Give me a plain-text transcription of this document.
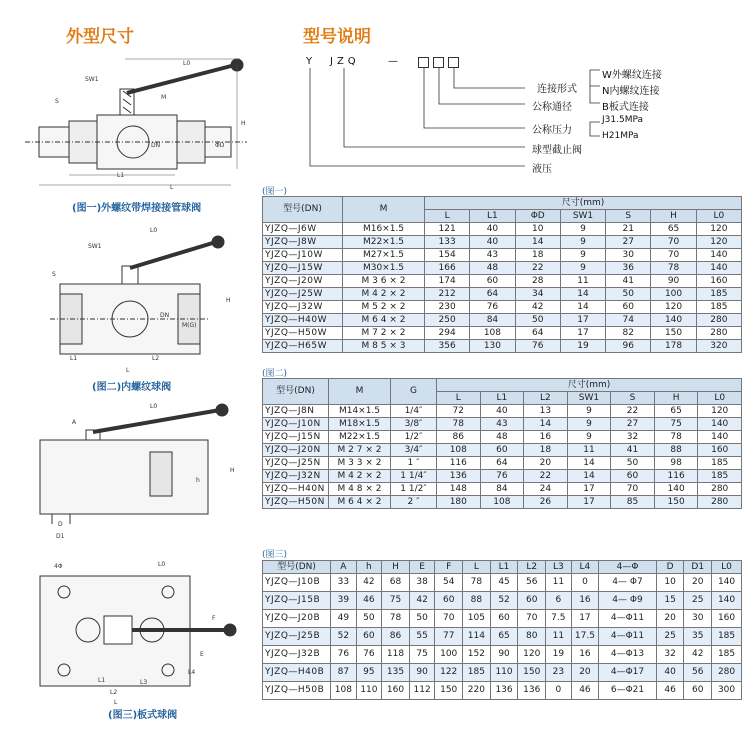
外型尺寸	型号说明
Y JZQ	—
连接形式
W外螺纹连接
N内螺纹连接
B板式连接
公称通径
公称压力
J31.5MPa
H21MPa
球型截止阀
液压
SW1
S
L0
M
DN	ΦD
H
L1
L
(图一)外螺纹带焊接接管球阀
SW1
S
L0
H
DN
M(G)
L1	L2
L
(图二)内螺纹球阀
A
L0
H
h
D
D1
4Φ	L0
F
E
L4
L3
L1
L2
L
(图三)板式球阀
(图一)
(图二)
(图三)
型号(DN)	M	尺寸(mm)						
		L	L1	ΦD	SW1	S	H	L0
YJZQ—J6W	M16×1.5	121	40	10	9	21	65	120
YJZQ—J8W	M22×1.5	133	40	14	9	27	70	120
YJZQ—J10W	M27×1.5	154	43	18	9	30	70	140
YJZQ—J15W	M30×1.5	166	48	22	9	36	78	140
YJZQ—J20W	M 3 6 × 2	174	60	28	11	41	90	160
YJZQ—J25W	M 4 2 × 2	212	64	34	14	50	100	185
YJZQ—J32W	M 5 2 × 2	230	76	42	14	60	120	185
YJZQ—H40W	M 6 4 × 2	250	84	50	17	74	140	280
YJZQ—H50W	M 7 2 × 2	294	108	64	17	82	150	280
YJZQ—H65W	M 8 5 × 3	356	130	76	19	96	178	320
型号(DN)	M	G	尺寸(mm)						
			L	L1	L2	SW1	S	H	L0
YJZQ—J8N	M14×1.5	1/4″	72	40	13	9	22	65	120
YJZQ—J10N	M18×1.5	3/8″	78	43	14	9	27	75	140
YJZQ—J15N	M22×1.5	1/2″	86	48	16	9	32	78	140
YJZQ—J20N	M 2 7 × 2	3/4″	108	60	18	11	41	88	160
YJZQ—J25N	M 3 3 × 2	1 ″	116	64	20	14	50	98	185
YJZQ—J32N	M 4 2 × 2	1 1/4″	136	76	22	14	60	116	185
YJZQ—H40N	M 4 8 × 2	1 1/2″	148	84	24	17	70	140	280
YJZQ—H50N	M 6 4 × 2	2 ″	180	108	26	17	85	150	280
型号(DN)	A	h	H	E	F	L	L1	L2	L3	L4	4—Φ	D	D1	L0
YJZQ—J10B	33	42	68	38	54	78	45	56	11	0	4— Φ7	10	20	140
YJZQ—J15B	39	46	75	42	60	88	52	60	6	16	4— Φ9	15	25	140
YJZQ—J20B	49	50	78	50	70	105	60	70	7.5	17	4—Φ11	20	30	160
YJZQ—J25B	52	60	86	55	77	114	65	80	11	17.5	4—Φ11	25	35	185
YJZQ—J32B	76	76	118	75	100	152	90	120	19	16	4—Φ13	32	42	185
YJZQ—H40B	87	95	135	90	122	185	110	150	23	20	4—Φ17	40	56	280
YJZQ—H50B	108	110	160	112	150	220	136	136	0	46	6—Φ21	46	60	300
